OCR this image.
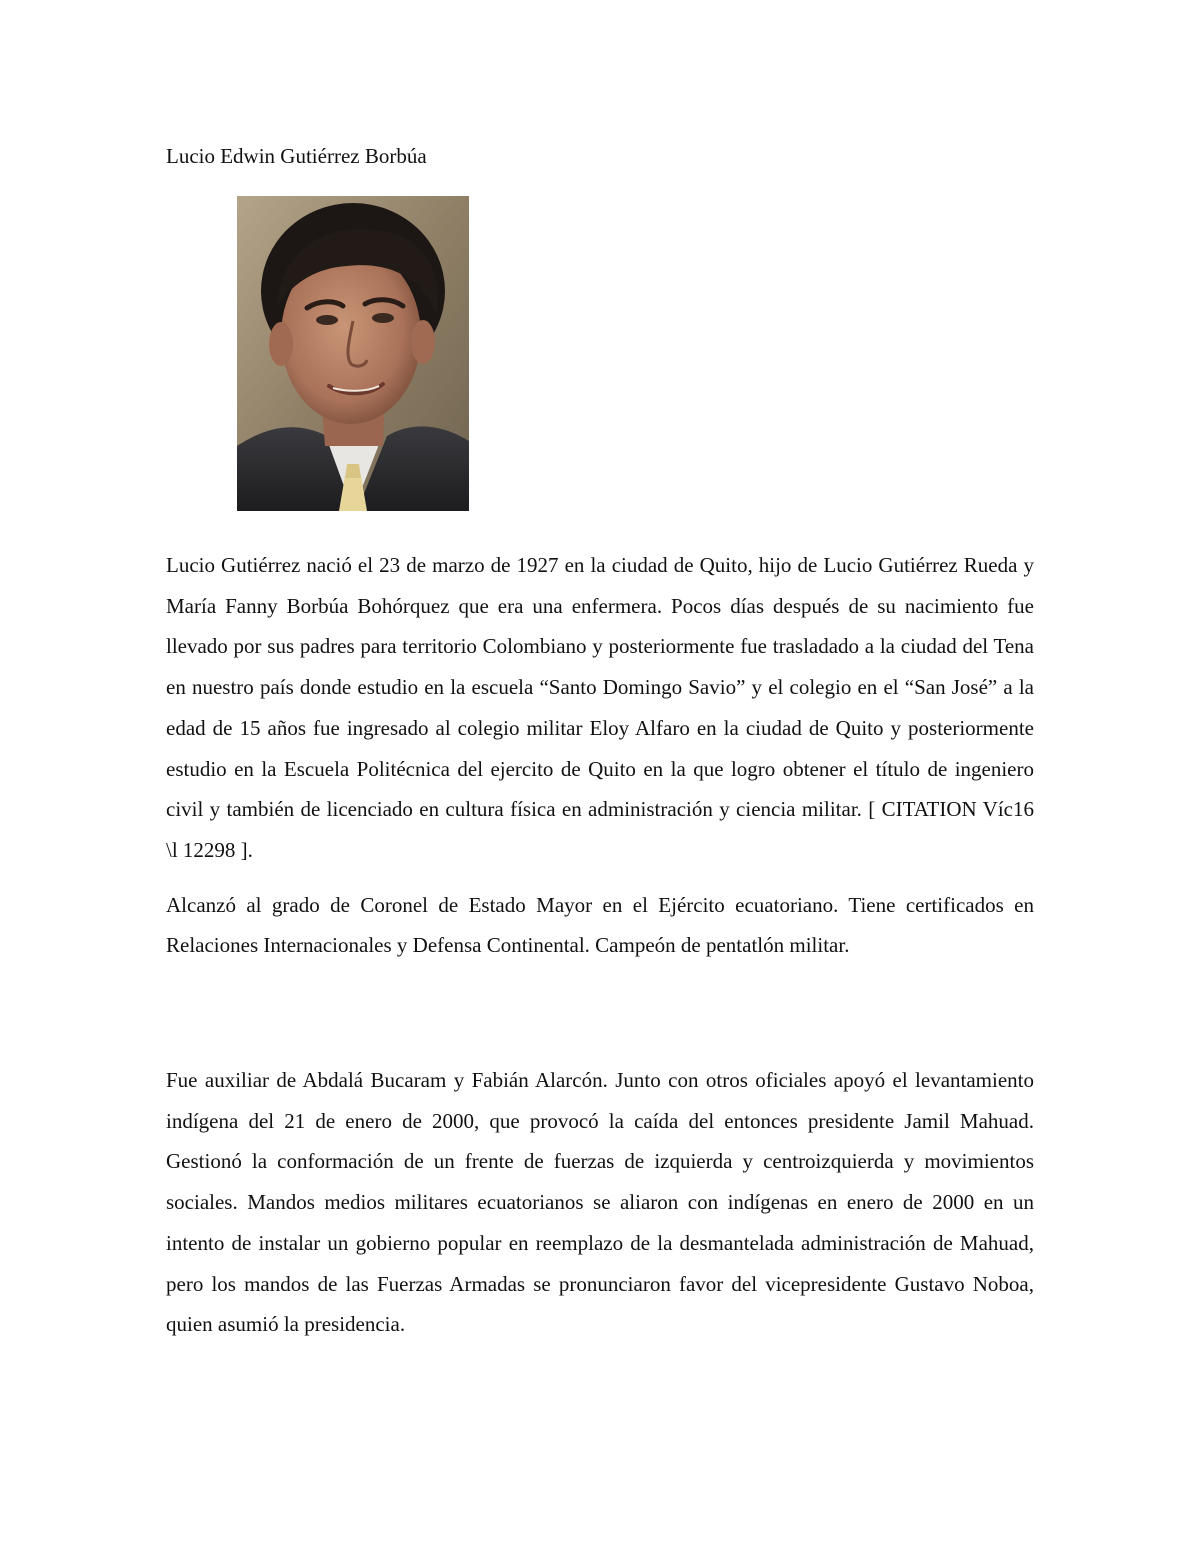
Lucio Edwin Gutiérrez Borbúa

Lucio Gutiérrez nació el 23 de marzo de 1927 en la ciudad de Quito, hijo de Lucio Gutiérrez Rueda y María Fanny Borbúa Bohórquez que era una enfermera. Pocos días después de su nacimiento fue llevado por sus padres para territorio Colombiano y posteriormente fue trasladado a la ciudad del Tena en nuestro país donde estudio en la escuela “Santo Domingo Savio” y el colegio en el “San José” a la edad de 15 años fue ingresado al colegio militar Eloy Alfaro en la ciudad de Quito y posteriormente estudio en la Escuela Politécnica del ejercito de Quito en la que logro obtener el título de ingeniero civil y también de licenciado en cultura física en administración y ciencia militar. [ CITATION Víc16 \l 12298 ].

Alcanzó al grado de Coronel de Estado Mayor en el Ejército ecuatoriano. Tiene certificados en Relaciones Internacionales y Defensa Continental. Campeón de pentatlón militar.

Fue auxiliar de Abdalá Bucaram y Fabián Alarcón. Junto con otros oficiales apoyó el levantamiento indígena del 21 de enero de 2000, que provocó la caída del entonces presidente Jamil Mahuad. Gestionó la conformación de un frente de fuerzas de izquierda y centroizquierda y movimientos sociales. Mandos medios militares ecuatorianos se aliaron con indígenas en enero de 2000 en un intento de instalar un gobierno popular en reemplazo de la desmantelada administración de Mahuad, pero los mandos de las Fuerzas Armadas se pronunciaron favor del vicepresidente Gustavo Noboa, quien asumió la presidencia.
